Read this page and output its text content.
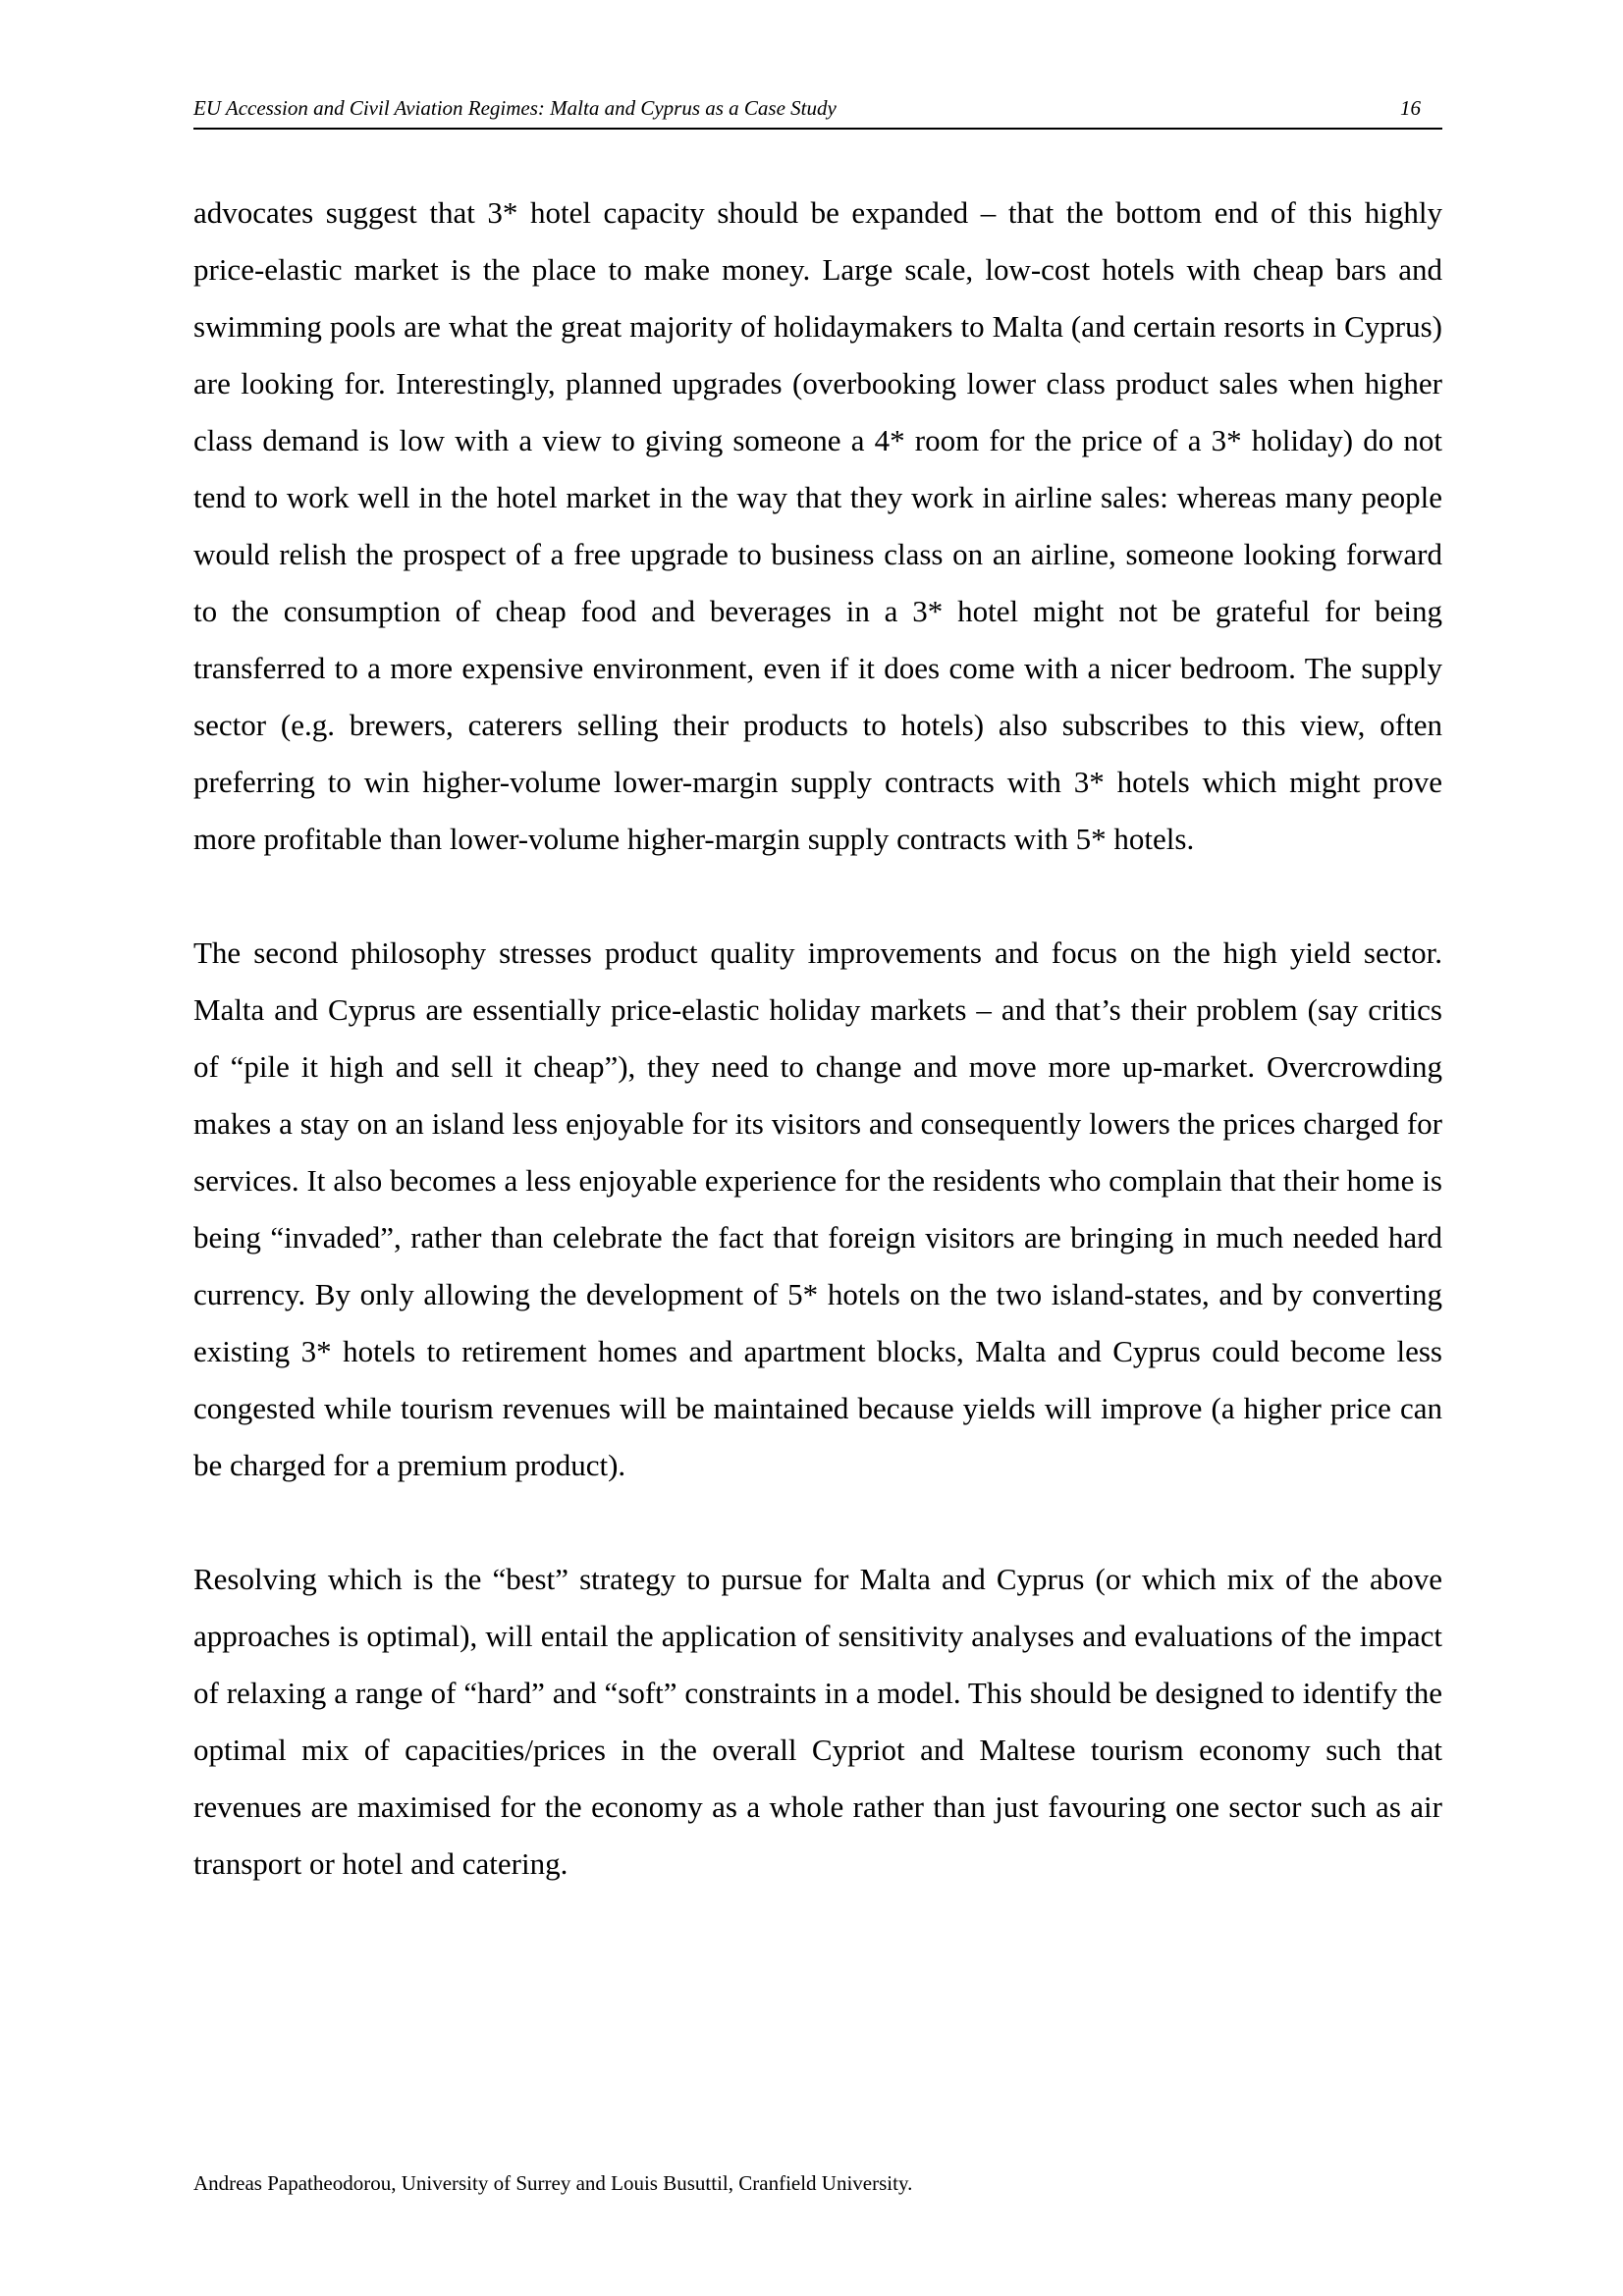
EU Accession and Civil Aviation Regimes: Malta and Cyprus as a Case Study	16

advocates suggest that 3* hotel capacity should be expanded – that the bottom end of this highly price-elastic market is the place to make money. Large scale, low-cost hotels with cheap bars and swimming pools are what the great majority of holidaymakers to Malta (and certain resorts in Cyprus) are looking for. Interestingly, planned upgrades (overbooking lower class product sales when higher class demand is low with a view to giving someone a 4* room for the price of a 3* holiday) do not tend to work well in the hotel market in the way that they work in airline sales: whereas many people would relish the prospect of a free upgrade to business class on an airline, someone looking forward to the consumption of cheap food and beverages in a 3* hotel might not be grateful for being transferred to a more expensive environment, even if it does come with a nicer bedroom. The supply sector (e.g. brewers, caterers selling their products to hotels) also subscribes to this view, often preferring to win higher-volume lower-margin supply contracts with 3* hotels which might prove more profitable than lower-volume higher-margin supply contracts with 5* hotels.

The second philosophy stresses product quality improvements and focus on the high yield sector. Malta and Cyprus are essentially price-elastic holiday markets – and that’s their problem (say critics of “pile it high and sell it cheap”), they need to change and move more up-market. Overcrowding makes a stay on an island less enjoyable for its visitors and consequently lowers the prices charged for services. It also becomes a less enjoyable experience for the residents who complain that their home is being “invaded”, rather than celebrate the fact that foreign visitors are bringing in much needed hard currency. By only allowing the development of 5* hotels on the two island-states, and by converting existing 3* hotels to retirement homes and apartment blocks, Malta and Cyprus could become less congested while tourism revenues will be maintained because yields will improve (a higher price can be charged for a premium product).

Resolving which is the “best” strategy to pursue for Malta and Cyprus (or which mix of the above approaches is optimal), will entail the application of sensitivity analyses and evaluations of the impact of relaxing a range of “hard” and “soft” constraints in a model. This should be designed to identify the optimal mix of capacities/prices in the overall Cypriot and Maltese tourism economy such that revenues are maximised for the economy as a whole rather than just favouring one sector such as air transport or hotel and catering.

Andreas Papatheodorou, University of Surrey and Louis Busuttil, Cranfield University.
